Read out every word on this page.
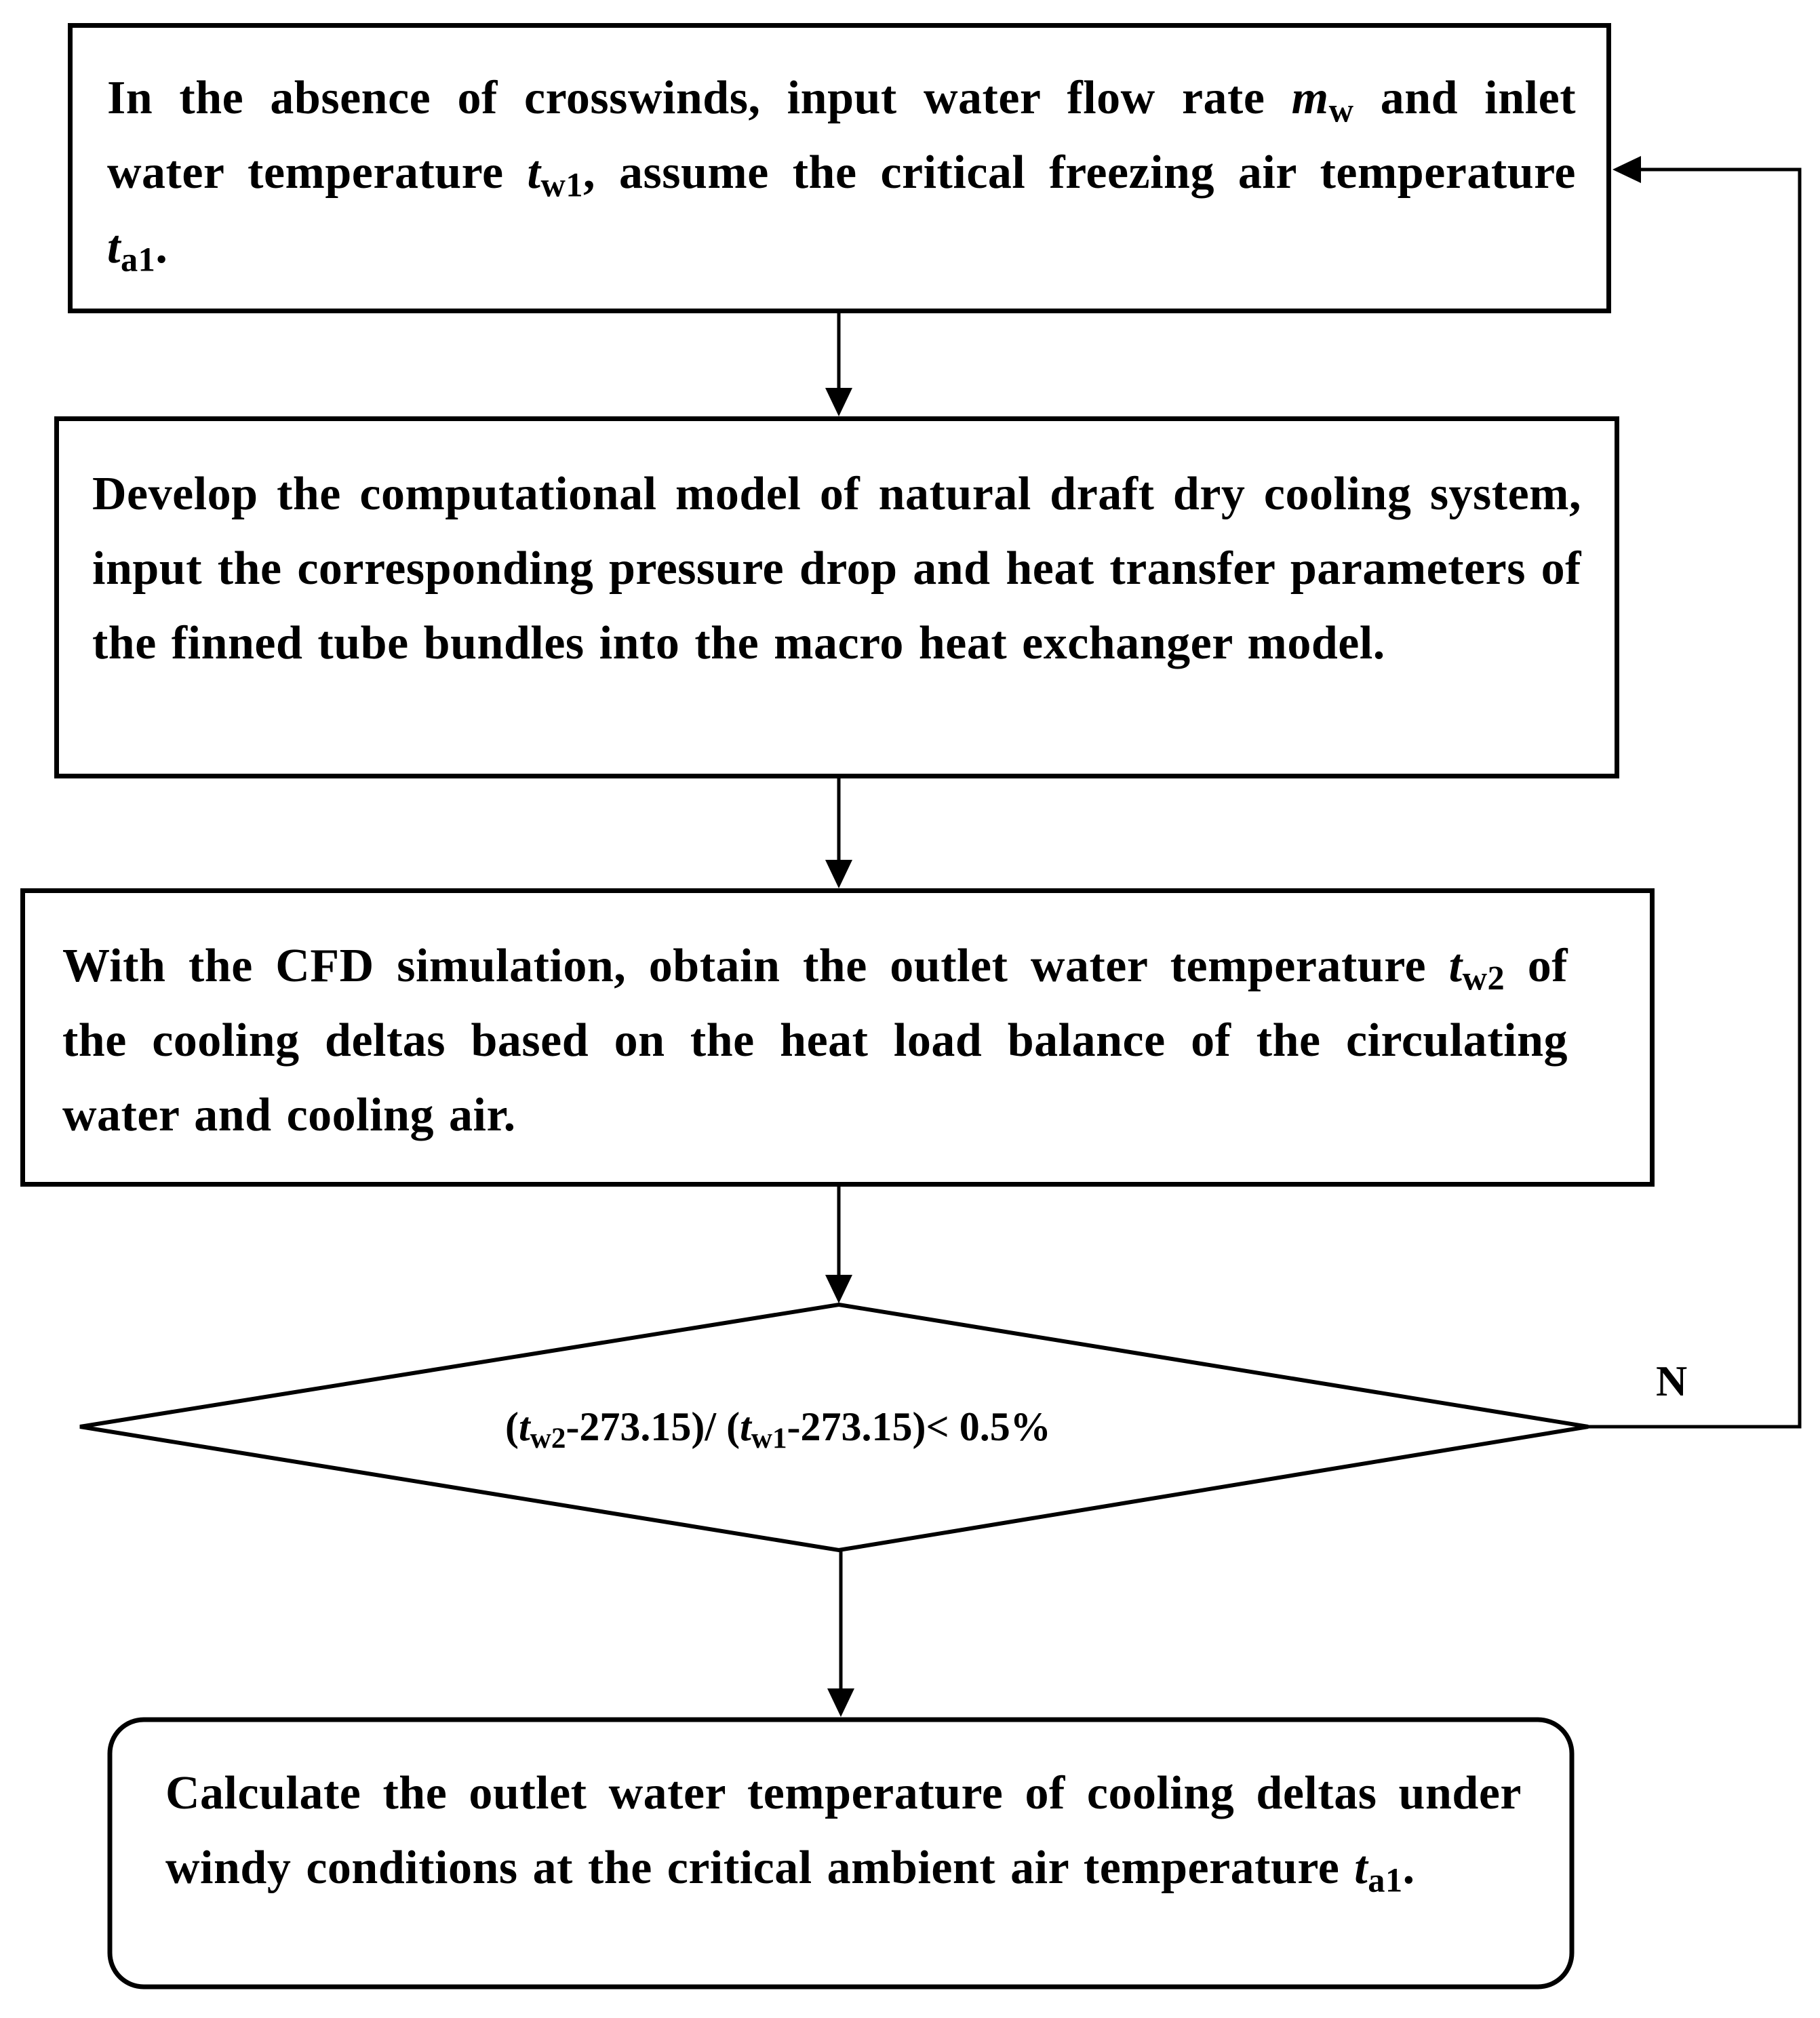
In the absence of crosswinds, input water flow rate $m_w$ and inlet water temperature $t_{w1}$, assume the critical freezing air temperature $t_{a1}$.
Develop the computational model of natural draft dry cooling system, input the corresponding pressure drop and heat transfer parameters of the finned tube bundles into the macro heat exchanger model.
With the CFD simulation, obtain the outlet water temperature $t_{w2}$ of the cooling deltas based on the heat load balance of the circulating water and cooling air.
$(t_{w2}-273.15)/$ $(t_{w1}-273.15)< 0.5\%$
N
Calculate the outlet water temperature of cooling deltas under windy conditions at the critical ambient air temperature $t_{a1}$.
